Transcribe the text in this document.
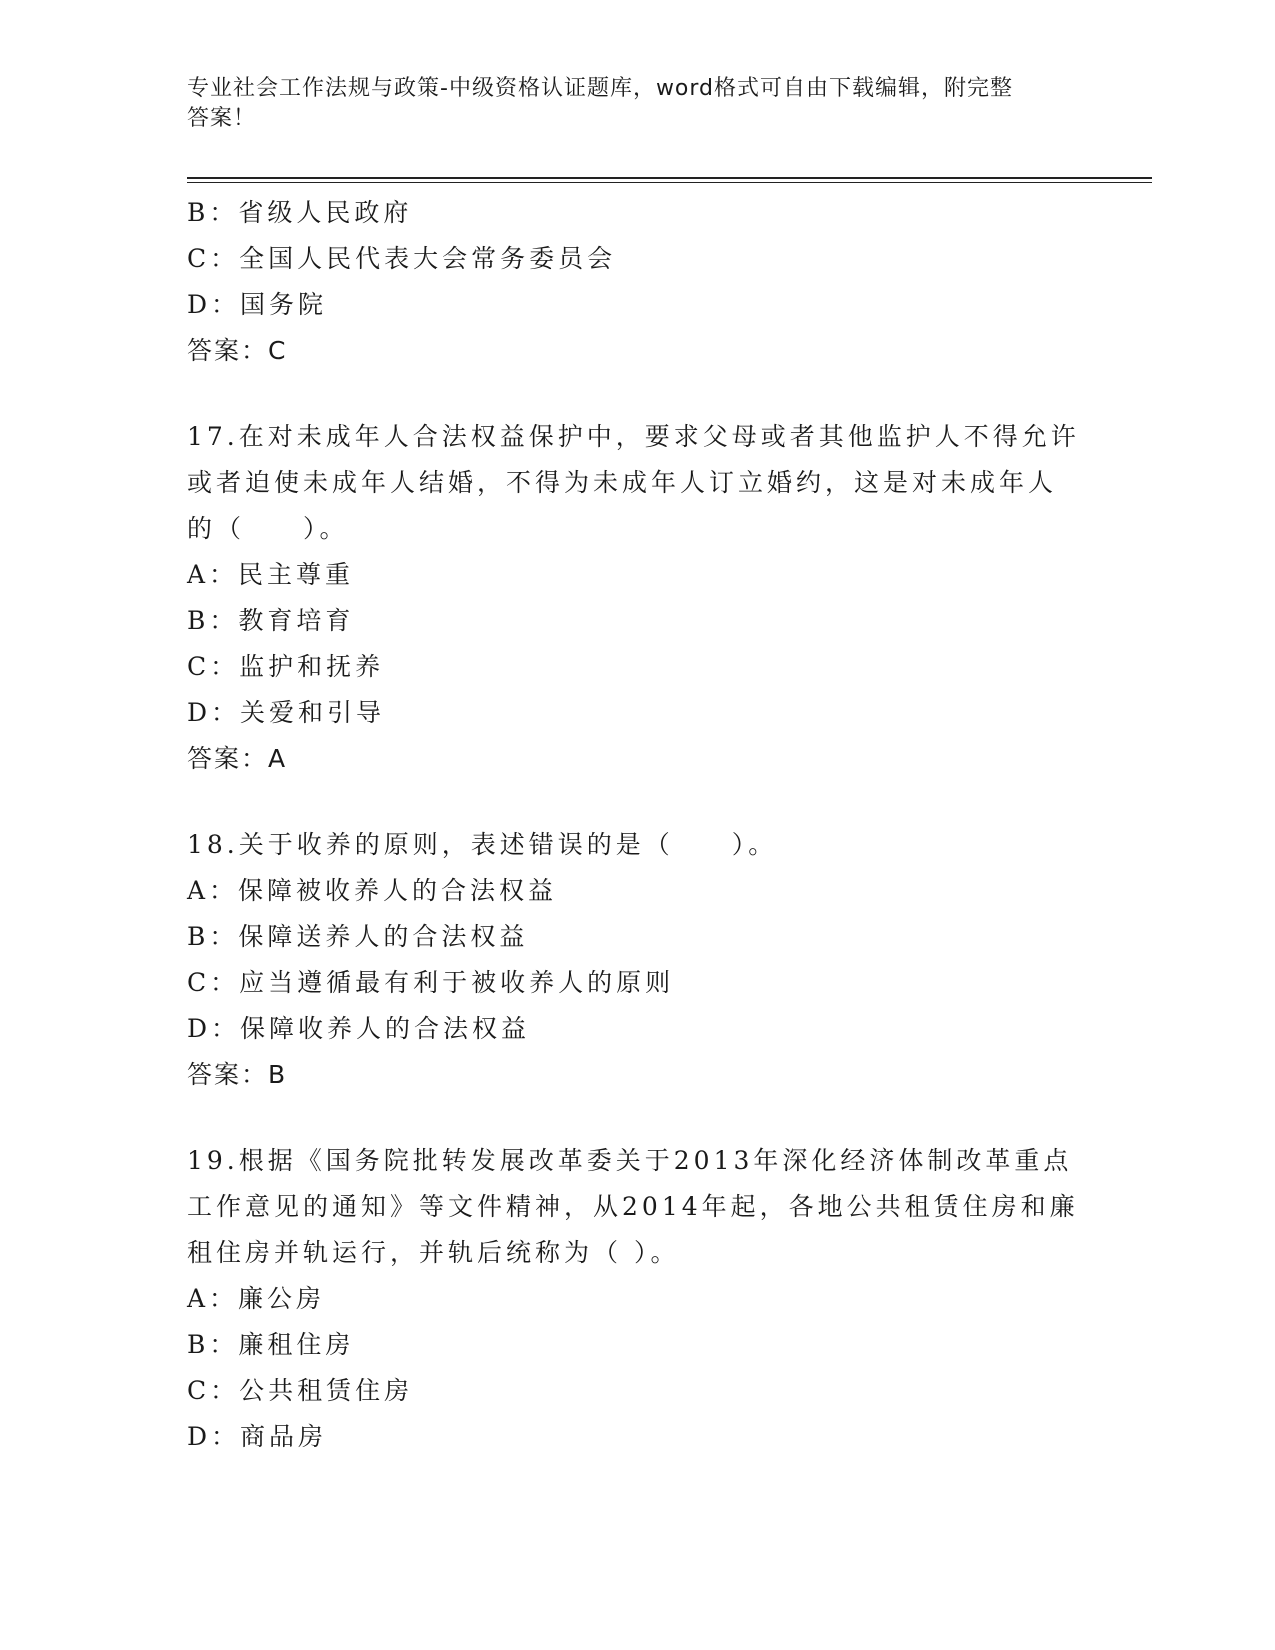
专业社会工作法规与政策-中级资格认证题库，word格式可自由下载编辑，附完整
答案！
B：省级人民政府
C：全国人民代表大会常务委员会
D：国务院
答案：C
17.在对未成年人合法权益保护中，要求父母或者其他监护人不得允许
或者迫使未成年人结婚，不得为未成年人订立婚约，这是对未成年人
的（　　）。
A：民主尊重
B：教育培育
C：监护和抚养
D：关爱和引导
答案：A
18.关于收养的原则，表述错误的是（　　）。
A：保障被收养人的合法权益
B：保障送养人的合法权益
C：应当遵循最有利于被收养人的原则
D：保障收养人的合法权益
答案：B
19.根据《国务院批转发展改革委关于2013年深化经济体制改革重点
工作意见的通知》等文件精神，从2014年起，各地公共租赁住房和廉
租住房并轨运行，并轨后统称为（ ）。
A：廉公房
B：廉租住房
C：公共租赁住房
D：商品房
